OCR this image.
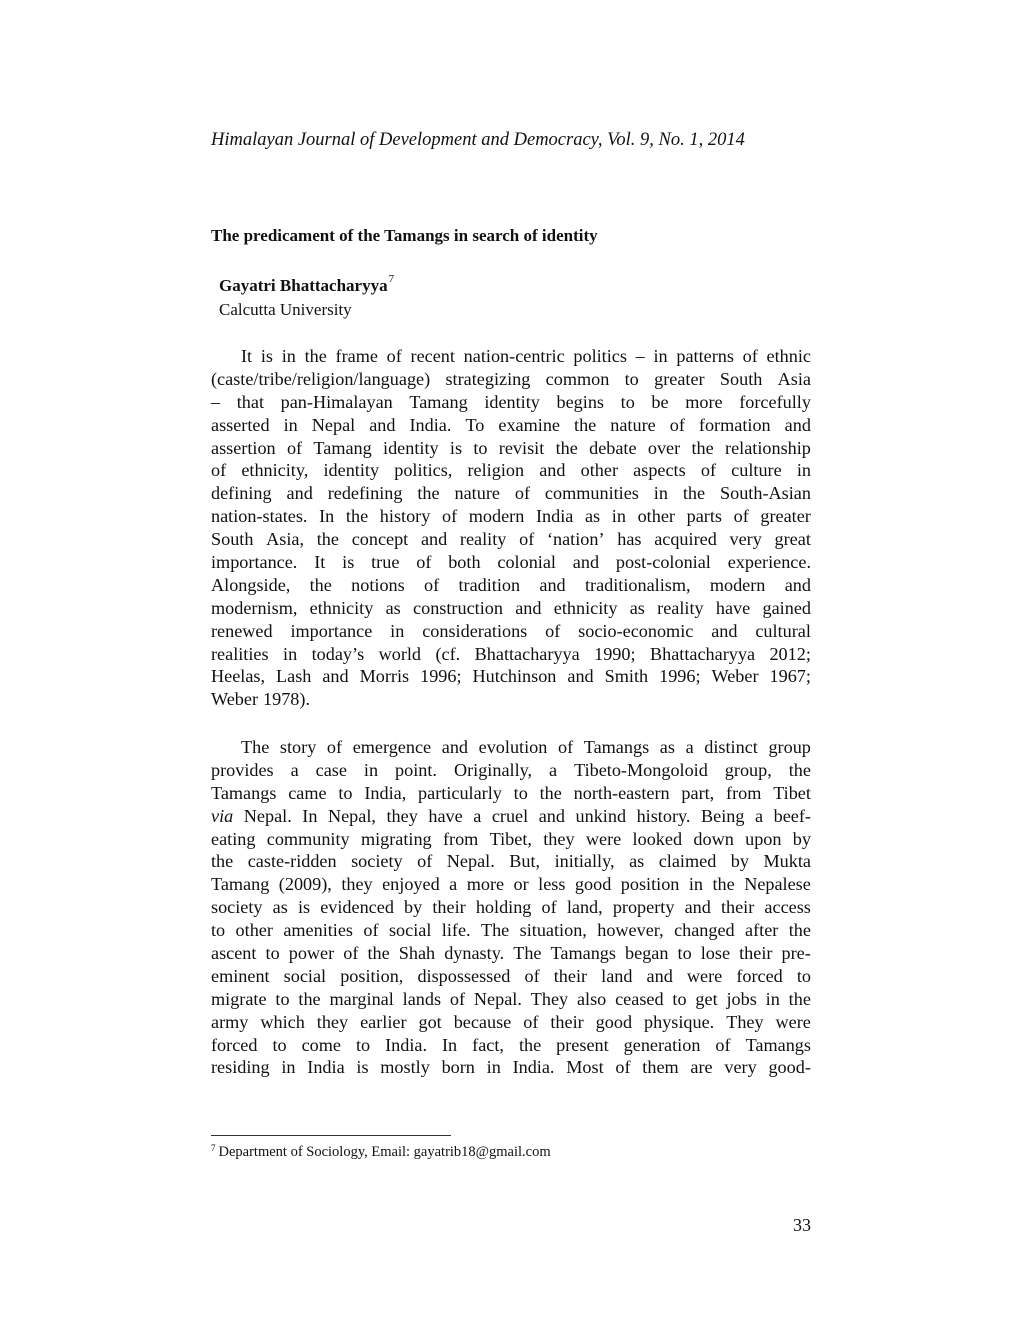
Himalayan Journal of Development and Democracy, Vol. 9, No. 1, 2014
The predicament of the Tamangs in search of identity
Gayatri Bhattacharyya$^7$
Calcutta University
It is in the frame of recent nation-centric politics – in patterns of ethnic
(caste/tribe/religion/language) strategizing common to greater South Asia
– that pan-Himalayan Tamang identity begins to be more forcefully
asserted in Nepal and India. To examine the nature of formation and
assertion of Tamang identity is to revisit the debate over the relationship
of ethnicity, identity politics, religion and other aspects of culture in
defining and redefining the nature of communities in the South-Asian
nation-states. In the history of modern India as in other parts of greater
South Asia, the concept and reality of ‘nation’ has acquired very great
importance. It is true of both colonial and post-colonial experience.
Alongside, the notions of tradition and traditionalism, modern and
modernism, ethnicity as construction and ethnicity as reality have gained
renewed importance in considerations of socio-economic and cultural
realities in today’s world (cf. Bhattacharyya 1990; Bhattacharyya 2012;
Heelas, Lash and Morris 1996; Hutchinson and Smith 1996; Weber 1967;
Weber 1978).
The story of emergence and evolution of Tamangs as a distinct group
provides a case in point. Originally, a Tibeto-Mongoloid group, the
Tamangs came to India, particularly to the north-eastern part, from Tibet
via Nepal. In Nepal, they have a cruel and unkind history. Being a beef-
eating community migrating from Tibet, they were looked down upon by
the caste-ridden society of Nepal. But, initially, as claimed by Mukta
Tamang (2009), they enjoyed a more or less good position in the Nepalese
society as is evidenced by their holding of land, property and their access
to other amenities of social life. The situation, however, changed after the
ascent to power of the Shah dynasty. The Tamangs began to lose their pre-
eminent social position, dispossessed of their land and were forced to
migrate to the marginal lands of Nepal. They also ceased to get jobs in the
army which they earlier got because of their good physique. They were
forced to come to India. In fact, the present generation of Tamangs
residing in India is mostly born in India. Most of them are very good-
$^7$ Department of Sociology, Email: gayatrib18@gmail.com
33
